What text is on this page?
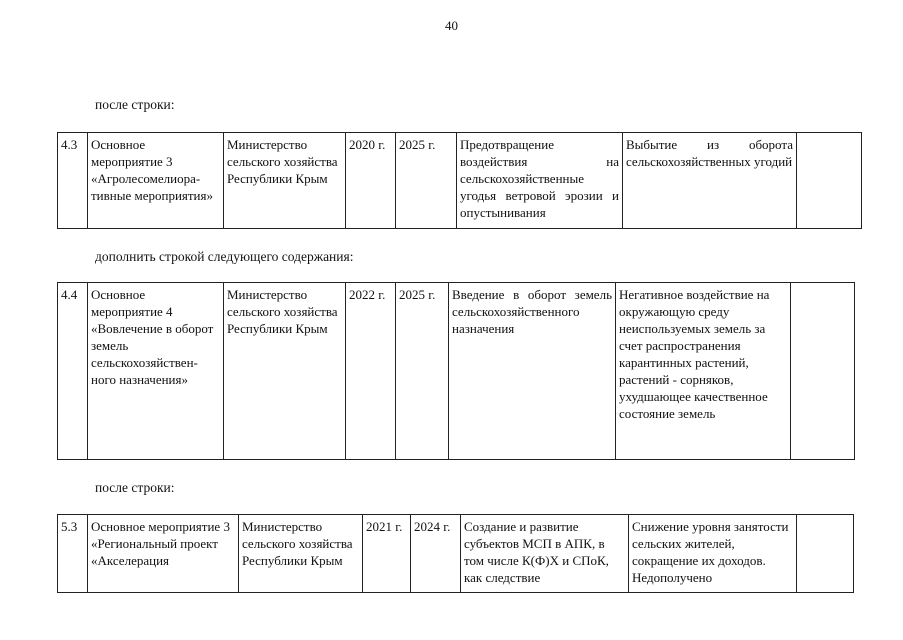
40
после строки:
4.3	Основное мероприятие 3 «Агролесомелиора-тивные мероприятия»	Министерство сельского хозяйства Республики Крым	2020 г.	2025 г.	Предотвращение воздействия на сельскохозяйственные угодья ветровой эрозии и опустынивания	Выбытие из оборота сельскохозяйственных угодий	
дополнить строкой следующего содержания:
4.4	Основное мероприятие 4 «Вовлечение в оборот земель сельскохозяйствен-ного назначения»	Министерство сельского хозяйства Республики Крым	2022 г.	2025 г.	Введение в оборот земель сельскохозяйственного назначения	Негативное воздействие на окружающую среду неиспользуемых земель за счет распространения карантинных растений, растений - сорняков, ухудшающее качественное состояние земель	
после строки:
5.3	Основное мероприятие 3 «Региональный проект «Акселерация	Министерство сельского хозяйства Республики Крым	2021 г.	2024 г.	Создание и развитие субъектов МСП в АПК, в том числе К(Ф)Х и СПоК, как следствие	Снижение уровня занятости сельских жителей, сокращение их доходов. Недополучено	
